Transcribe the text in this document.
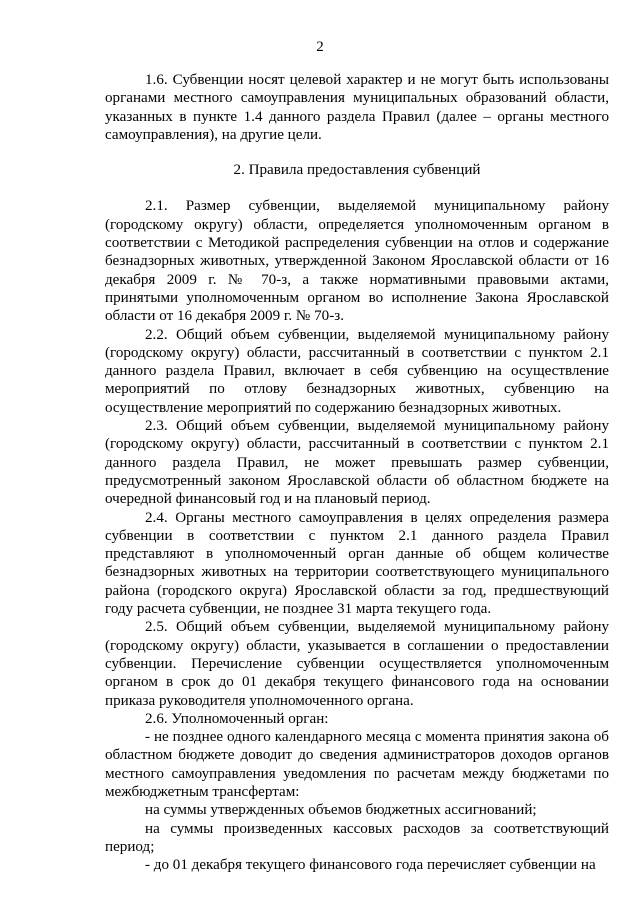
2

1.6. Субвенции носят целевой характер и не могут быть использованы органами местного самоуправления муниципальных образований области, указанных в пункте 1.4 данного раздела Правил (далее – органы местного самоуправления), на другие цели.

2. Правила предоставления субвенций

2.1. Размер субвенции, выделяемой муниципальному району (городскому округу) области, определяется уполномоченным органом в соответствии с Методикой распределения субвенции на отлов и содержание безнадзорных животных, утвержденной Законом Ярославской области от 16 декабря 2009 г. № 70-з, а также нормативными правовыми актами, принятыми уполномоченным органом во исполнение Закона Ярославской области от 16 декабря 2009 г. № 70-з.

2.2. Общий объем субвенции, выделяемой муниципальному району (городскому округу) области, рассчитанный в соответствии с пунктом 2.1 данного раздела Правил, включает в себя субвенцию на осуществление мероприятий по отлову безнадзорных животных, субвенцию на осуществление мероприятий по содержанию безнадзорных животных.

2.3. Общий объем субвенции, выделяемой муниципальному району (городскому округу) области, рассчитанный в соответствии с пунктом 2.1 данного раздела Правил, не может превышать размер субвенции, предусмотренный законом Ярославской области об областном бюджете на очередной финансовый год и на плановый период.

2.4. Органы местного самоуправления в целях определения размера субвенции в соответствии с пунктом 2.1 данного раздела Правил представляют в уполномоченный орган данные об общем количестве безнадзорных животных на территории соответствующего муниципального района (городского округа) Ярославской области за год, предшествующий году расчета субвенции, не позднее 31 марта текущего года.

2.5. Общий объем субвенции, выделяемой муниципальному району (городскому округу) области, указывается в соглашении о предоставлении субвенции. Перечисление субвенции осуществляется уполномоченным органом в срок до 01 декабря текущего финансового года на основании приказа руководителя уполномоченного органа.

2.6. Уполномоченный орган:

- не позднее одного календарного месяца с момента принятия закона об областном бюджете доводит до сведения администраторов доходов органов местного самоуправления уведомления по расчетам между бюджетами по межбюджетным трансфертам:

на суммы утвержденных объемов бюджетных ассигнований;

на суммы произведенных кассовых расходов за соответствующий период;

- до 01 декабря текущего финансового года перечисляет субвенции на
